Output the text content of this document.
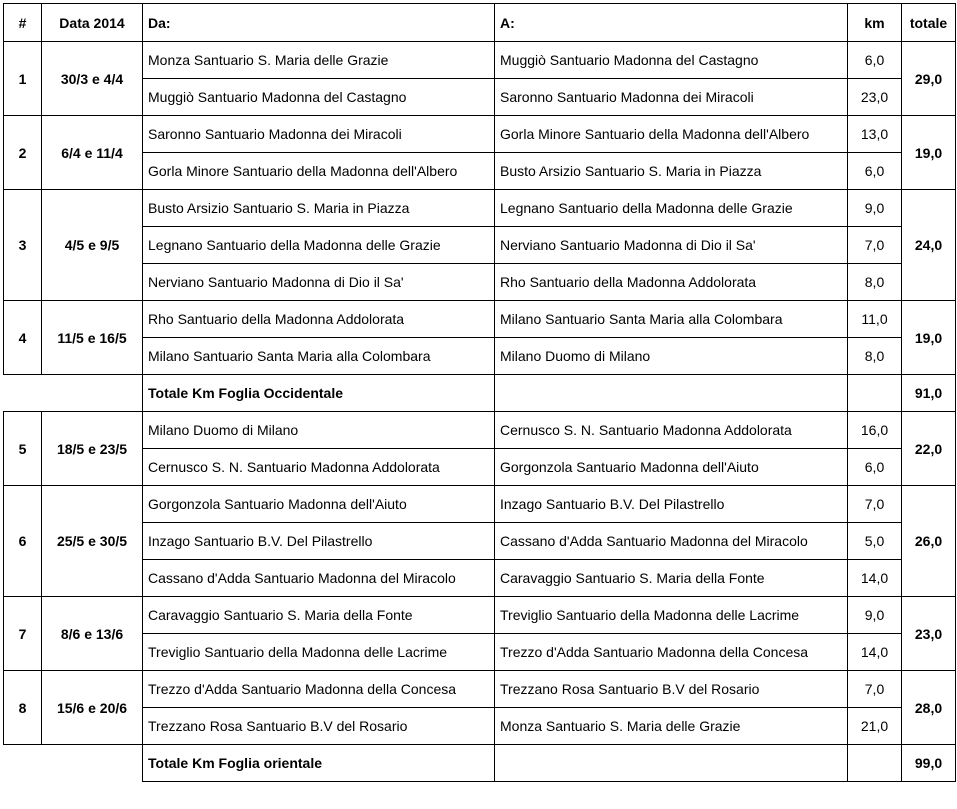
#	Data 2014	Da:	A:	km	totale
1	30/3 e 4/4	Monza Santuario S. Maria delle Grazie	Muggiò Santuario Madonna del Castagno	6,0	29,0
		Muggiò Santuario Madonna del Castagno	Saronno Santuario Madonna dei Miracoli	23,0	
2	6/4 e 11/4	Saronno Santuario Madonna dei Miracoli	Gorla Minore Santuario della Madonna dell'Albero	13,0	19,0
		Gorla Minore Santuario della Madonna dell'Albero	Busto Arsizio Santuario S. Maria in Piazza	6,0	
3	4/5 e 9/5	Busto Arsizio Santuario S. Maria in Piazza	Legnano Santuario della Madonna delle Grazie	9,0	24,0
		Legnano Santuario della Madonna delle Grazie	Nerviano Santuario Madonna di Dio il Sa'	7,0	
		Nerviano Santuario Madonna di Dio il Sa'	Rho Santuario della Madonna Addolorata	8,0	
4	11/5 e 16/5	Rho Santuario della Madonna Addolorata	Milano Santuario Santa Maria alla Colombara	11,0	19,0
		Milano Santuario Santa Maria alla Colombara	Milano Duomo di Milano	8,0	
		Totale Km Foglia Occidentale			91,0
5	18/5 e 23/5	Milano Duomo di Milano	Cernusco S. N. Santuario Madonna Addolorata	16,0	22,0
		Cernusco S. N. Santuario Madonna Addolorata	Gorgonzola Santuario Madonna dell'Aiuto	6,0	
6	25/5 e 30/5	Gorgonzola Santuario Madonna dell'Aiuto	Inzago Santuario B.V. Del Pilastrello	7,0	26,0
		Inzago Santuario B.V. Del Pilastrello	Cassano d'Adda Santuario Madonna del Miracolo	5,0	
		Cassano d'Adda Santuario Madonna del Miracolo	Caravaggio Santuario S. Maria della Fonte	14,0	
7	8/6 e 13/6	Caravaggio Santuario S. Maria della Fonte	Treviglio Santuario della Madonna delle Lacrime	9,0	23,0
		Treviglio Santuario della Madonna delle Lacrime	Trezzo d'Adda Santuario Madonna della Concesa	14,0	
8	15/6 e 20/6	Trezzo d'Adda Santuario Madonna della Concesa	Trezzano Rosa Santuario B.V del Rosario	7,0	28,0
		Trezzano Rosa Santuario B.V del Rosario	Monza Santuario S. Maria delle Grazie	21,0	
		Totale Km Foglia orientale			99,0
